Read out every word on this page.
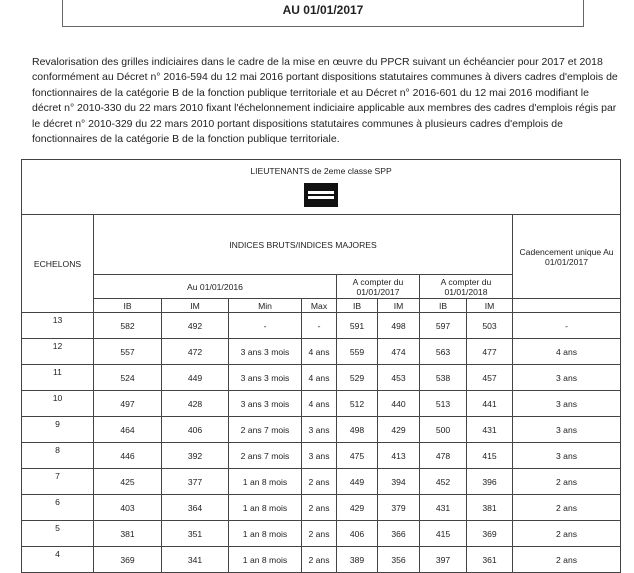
AU 01/01/2017

Revalorisation des grilles indiciaires dans le cadre de la mise en œuvre du PPCR suivant un échéancier pour 2017 et 2018 conformément au Décret n° 2016-594 du 12 mai 2016 portant dispositions statutaires communes à divers cadres d'emplois de fonctionnaires de la catégorie B de la fonction publique territoriale et au Décret n° 2016-601 du 12 mai 2016 modifiant le décret n° 2010-330 du 22 mars 2010 fixant l'échelonnement indiciaire applicable aux membres des cadres d'emplois régis par le décret n° 2010-329 du 22 mars 2010 portant dispositions statutaires communes à plusieurs cadres d'emplois de fonctionnaires de la catégorie B de la fonction publique territoriale.

LIEUTENANTS de 2eme classe SPP									

ECHELONS	INDICES BRUTS/INDICES MAJORES								Cadencement unique Au 01/01/2017
	Au 01/01/2016				A compter du 01/01/2017		A compter du 01/01/2018		
	IB	IM	Min	Max	IB	IM	IB	IM	
13	582	492	-	-	591	498	597	503	-
12	557	472	3 ans 3 mois	4 ans	559	474	563	477	4 ans
11	524	449	3 ans 3 mois	4 ans	529	453	538	457	3 ans
10	497	428	3 ans 3 mois	4 ans	512	440	513	441	3 ans
9	464	406	2 ans 7 mois	3 ans	498	429	500	431	3 ans
8	446	392	2 ans 7 mois	3 ans	475	413	478	415	3 ans
7	425	377	1 an 8 mois	2 ans	449	394	452	396	2 ans
6	403	364	1 an 8 mois	2 ans	429	379	431	381	2 ans
5	381	351	1 an 8 mois	2 ans	406	366	415	369	2 ans
4	369	341	1 an 8 mois	2 ans	389	356	397	361	2 ans
